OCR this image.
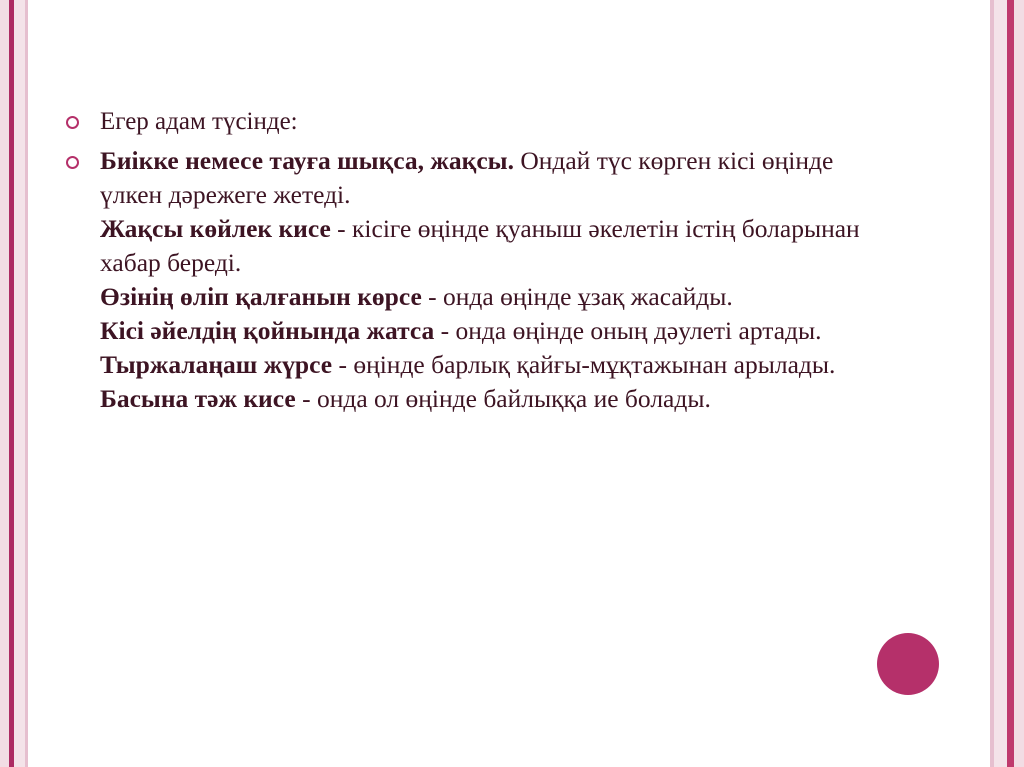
Егер адам түсінде:

Биікке немесе тауға шықса, жақсы. Ондай түс көрген кісі өңінде үлкен дәрежеге жетеді.

Жақсы көйлек кисе - кісіге өңінде қуаныш әкелетін істің боларынан хабар береді.

Өзінің өліп қалғанын көрсе - онда өңінде ұзақ жасайды.

Кісі әйелдің қойнында жатса - онда өңінде оның дәулеті артады.

Тыржалаңаш жүрсе - өңінде барлық қайғы-мұқтажынан арылады.

Басына тәж кисе - онда ол өңінде байлыққа ие болады.
